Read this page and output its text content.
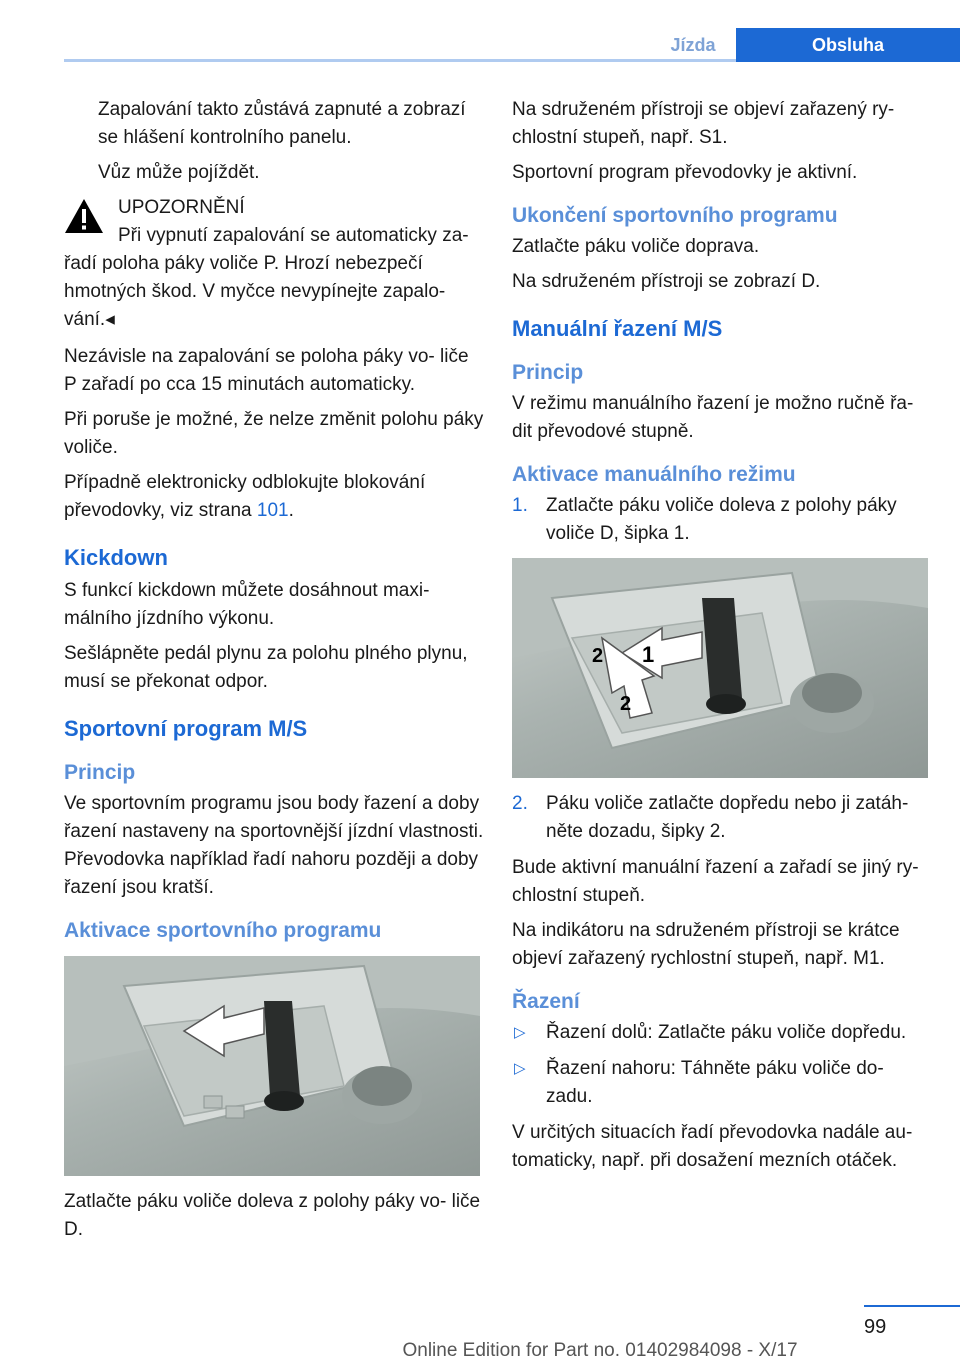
Jízda	Obsluha

Zapalování takto zůstává zapnuté a zobrazí se hlášení kontrolního panelu.

Vůz může pojíždět.

UPOZORNĚNÍ

Při vypnutí zapalování se automaticky za‐

řadí poloha páky voliče P. Hrozí nebezpečí hmotných škod. V myčce nevypínejte zapalo‐ vání.◂

Nezávisle na zapalování se poloha páky vo‐ liče P zařadí po cca 15 minutách automaticky.

Při poruše je možné, že nelze změnit polohu páky voliče.

Případně elektronicky odblokujte blokování převodovky, viz strana 101.

Kickdown

S funkcí kickdown můžete dosáhnout maxi‐ málního jízdního výkonu.

Sešlápněte pedál plynu za polohu plného plynu, musí se překonat odpor.

Sportovní program M/S
Princip

Ve sportovním programu jsou body řazení a doby řazení nastaveny na sportovnější jízdní vlastnosti. Převodovka například řadí nahoru později a doby řazení jsou kratší.

Aktivace sportovního programu

Zatlačte páku voliče doleva z polohy páky vo‐ liče D.

Na sdruženém přístroji se objeví zařazený ry‐ chlostní stupeň, např. S1.

Sportovní program převodovky je aktivní.

Ukončení sportovního programu

Zatlačte páku voliče doprava.

Na sdruženém přístroji se zobrazí D.

Manuální řazení M/S
Princip

V režimu manuálního řazení je možno ručně řa‐ dit převodové stupně.

Aktivace manuálního režimu
1. Zatlačte páku voliče doleva z polohy páky voliče D, šipka 1.
1
2
2
2. Páku voliče zatlačte dopředu nebo ji zatáh‐ něte dozadu, šipky 2.

Bude aktivní manuální řazení a zařadí se jiný ry‐ chlostní stupeň.

Na indikátoru na sdruženém přístroji se krátce objeví zařazený rychlostní stupeň, např. M1.

Řazení
▷ Řazení dolů: Zatlačte páku voliče dopředu.
▷ Řazení nahoru: Táhněte páku voliče do‐ zadu.

V určitých situacích řadí převodovka nadále au‐ tomaticky, např. při dosažení mezních otáček.

99
Online Edition for Part no. 01402984098 - X/17
